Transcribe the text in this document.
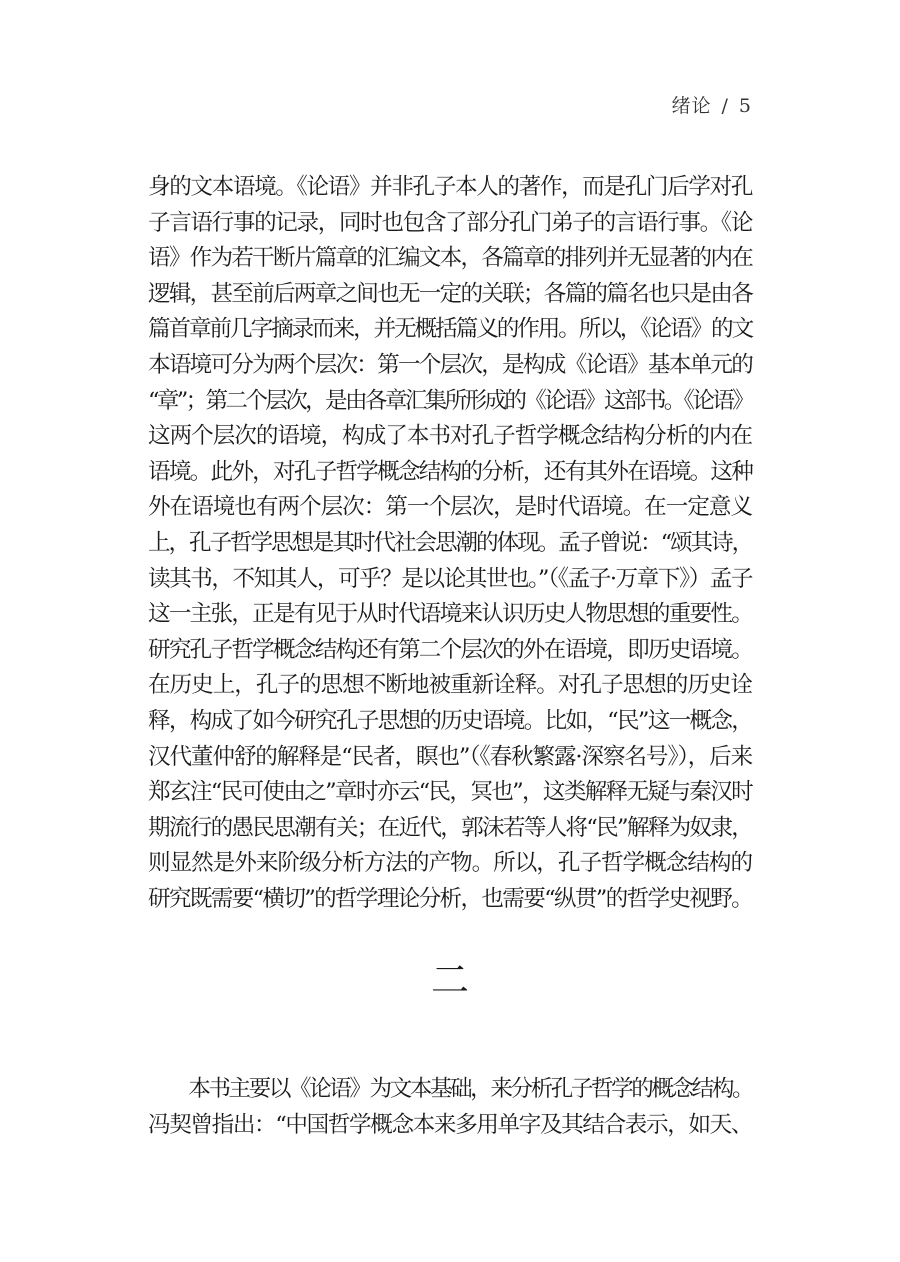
绪论 / 5
身的文本语境。《论语》并非孔子本人的著作，而是孔门后学对孔
子言语行事的记录，同时也包含了部分孔门弟子的言语行事。《论
语》作为若干断片篇章的汇编文本，各篇章的排列并无显著的内在
逻辑，甚至前后两章之间也无一定的关联；各篇的篇名也只是由各
篇首章前几字摘录而来，并无概括篇义的作用。所以，《论语》的文
本语境可分为两个层次：第一个层次，是构成《论语》基本单元的
“章”；第二个层次，是由各章汇集所形成的《论语》这部书。《论语》
这两个层次的语境，构成了本书对孔子哲学概念结构分析的内在
语境。此外，对孔子哲学概念结构的分析，还有其外在语境。这种
外在语境也有两个层次：第一个层次，是时代语境。在一定意义
上，孔子哲学思想是其时代社会思潮的体现。孟子曾说：“颂其诗，
读其书，不知其人，可乎？是以论其世也。”（《孟子·万章下》）孟子
这一主张，正是有见于从时代语境来认识历史人物思想的重要性。
研究孔子哲学概念结构还有第二个层次的外在语境，即历史语境。
在历史上，孔子的思想不断地被重新诠释。对孔子思想的历史诠
释，构成了如今研究孔子思想的历史语境。比如，“民”这一概念，
汉代董仲舒的解释是“民者，瞑也”（《春秋繁露·深察名号》），后来
郑玄注“民可使由之”章时亦云“民，冥也”，这类解释无疑与秦汉时
期流行的愚民思潮有关；在近代，郭沫若等人将“民”解释为奴隶，
则显然是外来阶级分析方法的产物。所以，孔子哲学概念结构的
研究既需要“横切”的哲学理论分析，也需要“纵贯”的哲学史视野。
二
　　本书主要以《论语》为文本基础，来分析孔子哲学的概念结构。
冯契曾指出：“中国哲学概念本来多用单字及其结合表示，如天、
